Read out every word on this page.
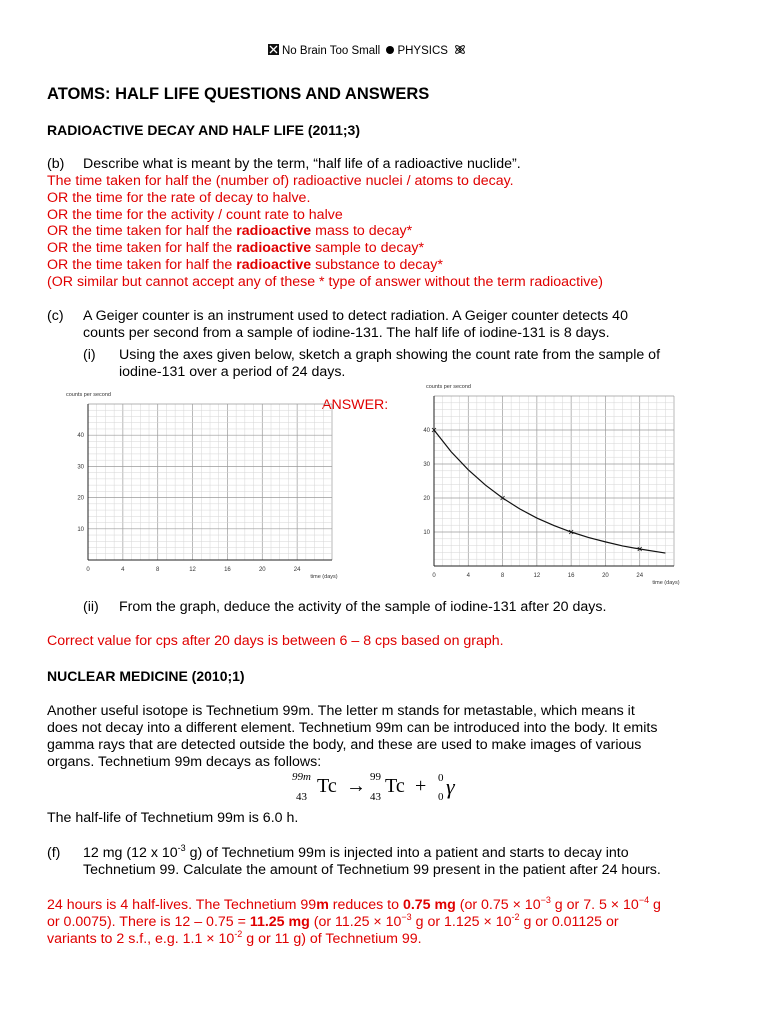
No Brain Too Small PHYSICS
ATOMS: HALF LIFE QUESTIONS AND ANSWERS
RADIOACTIVE DECAY AND HALF LIFE (2011;3)
(b) Describe what is meant by the term, “half life of a radioactive nuclide”.
The time taken for half the (number of) radioactive nuclei / atoms to decay.
OR the time for the rate of decay to halve.
OR the time for the activity / count rate to halve
OR the time taken for half the radioactive mass to decay*
OR the time taken for half the radioactive sample to decay*
OR the time taken for half the radioactive substance to decay*
(OR similar but cannot accept any of these * type of answer without the term radioactive)
(c) A Geiger counter is an instrument used to detect radiation. A Geiger counter detects 40
counts per second from a sample of iodine-131. The half life of iodine-131 is 8 days.
(i) Using the axes given below, sketch a graph showing the count rate from the sample of
iodine-131 over a period of 24 days.
ANSWER:
0	4	8	12	16	20	24
10
20
30
40
counts per second
time (days)	0	4	8	12	16	20	24
10
20
30
40
counts per second
time (days)
(ii) From the graph, deduce the activity of the sample of iodine-131 after 20 days.
Correct value for cps after 20 days is between 6 – 8 cps based on graph.
NUCLEAR MEDICINE (2010;1)
Another useful isotope is Technetium 99m. The letter m stands for metastable, which means it
does not decay into a different element. Technetium 99m can be introduced into the body. It emits
gamma rays that are detected outside the body, and these are used to make images of various
organs. Technetium 99m decays as follows:
99m
43 Tc → 99
43 Tc + 0
0 γ
The half-life of Technetium 99m is 6.0 h.
(f) 12 mg (12 x $10^{-3}$ g) of Technetium 99m is injected into a patient and starts to decay into
Technetium 99. Calculate the amount of Technetium 99 present in the patient after 24 hours.
24 hours is 4 half-lives. The Technetium 99m reduces to 0.75 mg (or $0.75 \times 10^{-3}$ g or 7. $5 \times 10^{-4}$ g
or 0.0075). There is 12 – 0.75 = 11.25 mg (or $11.25 \times 10^{-3}$ g or $1.125 \times 10^{-2}$ g or 0.01125 or
variants to 2 s.f., e.g. $1.1 \times 10^{-2}$ g or 11 g) of Technetium 99.
